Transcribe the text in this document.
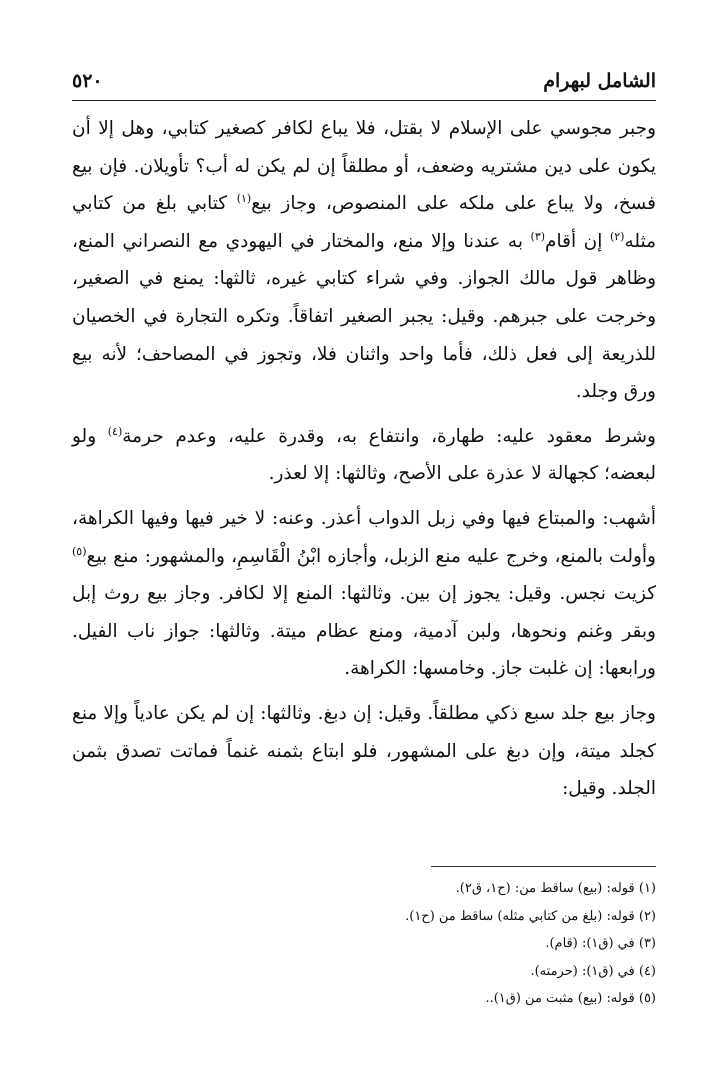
الشامل لبهرام
٥٢٠

وجبر مجوسي على الإسلام لا بقتل، فلا يباع لكافر كصغير كتابي، وهل إلا أن يكون على دين مشتريه وضعف، أو مطلقاً إن لم يكن له أب؟ تأويلان. فإن بيع فسخ، ولا يباع على ملكه على المنصوص، وجاز بيع$^{(١)}$ كتابي بلغ من كتابي مثله$^{(٢)}$ إن أقام$^{(٣)}$ به عندنا وإلا منع، والمختار في اليهودي مع النصراني المنع، وظاهر قول مالك الجواز. وفي شراء كتابي غيره، ثالثها: يمنع في الصغير، وخرجت على جبرهم. وقيل: يجبر الصغير اتفاقاً. وتكره التجارة في الخصيان للذريعة إلى فعل ذلك، فأما واحد واثنان فلا، وتجوز في المصاحف؛ لأنه بيع ورق وجلد.

وشرط معقود عليه: طهارة، وانتفاع به، وقدرة عليه، وعدم حرمة$^{(٤)}$ ولو لبعضه؛ كجهالة لا عذرة على الأصح، وثالثها: إلا لعذر.

أشهب: والمبتاع فيها وفي زبل الدواب أعذر. وعنه: لا خير فيها وفيها الكراهة، وأولت بالمنع، وخرج عليه منع الزبل، وأجازه ابْنُ الْقَاسِمِ، والمشهور: منع بيع$^{(٥)}$ كزيت نجس. وقيل: يجوز إن بين. وثالثها: المنع إلا لكافر. وجاز بيع روث إبل وبقر وغنم ونحوها، ولبن آدمية، ومنع عظام ميتة. وثالثها: جواز ناب الفيل. ورابعها: إن غلبت جاز. وخامسها: الكراهة.

وجاز بيع جلد سبع ذكي مطلقاً. وقيل: إن دبغ. وثالثها: إن لم يكن عادياً وإلا منع كجلد ميتة، وإن دبغ على المشهور، فلو ابتاع بثمنه غنماً فماتت تصدق بثمن الجلد. وقيل:

(١) قوله: (بيع) ساقط من: (ح١، ق٢).
(٢) قوله: (بلغ من كتابي مثله) ساقط من (ح١).
(٣) في (ق١): (قام).
(٤) في (ق١): (حرمته).
(٥) قوله: (بيع) مثبت من (ق١)..
